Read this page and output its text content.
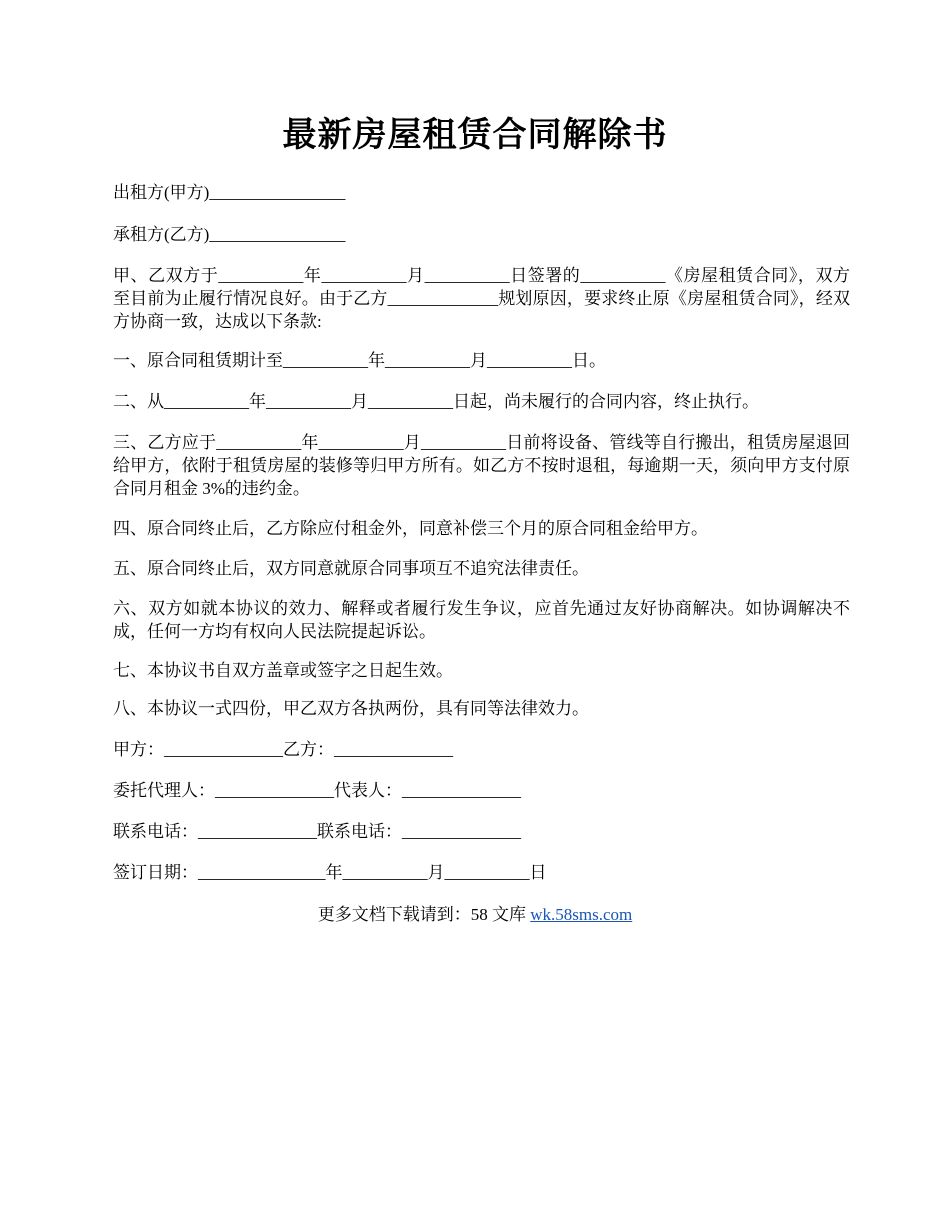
最新房屋租赁合同解除书
出租方(甲方)________________
承租方(乙方)________________
甲、乙双方于__________年__________月__________日签署的__________《房屋租赁合同》，双方至目前为止履行情况良好。由于乙方_____________规划原因，要求终止原《房屋租赁合同》，经双方协商一致，达成以下条款:
一、原合同租赁期计至__________年__________月__________日。
二、从__________年__________月__________日起，尚未履行的合同内容，终止执行。
三、乙方应于__________年__________月__________日前将设备、管线等自行搬出，租赁房屋退回给甲方，依附于租赁房屋的装修等归甲方所有。如乙方不按时退租，每逾期一天，须向甲方支付原合同月租金 3%的违约金。
四、原合同终止后，乙方除应付租金外，同意补偿三个月的原合同租金给甲方。
五、原合同终止后，双方同意就原合同事项互不追究法律责任。
六、双方如就本协议的效力、解释或者履行发生争议，应首先通过友好协商解决。如协调解决不成，任何一方均有权向人民法院提起诉讼。
七、本协议书自双方盖章或签字之日起生效。
八、本协议一式四份，甲乙双方各执两份，具有同等法律效力。
甲方：______________乙方：______________
委托代理人：______________代表人：______________
联系电话：______________联系电话：______________
签订日期：_______________年__________月__________日
更多文档下载请到：58 文库 wk.58sms.com
